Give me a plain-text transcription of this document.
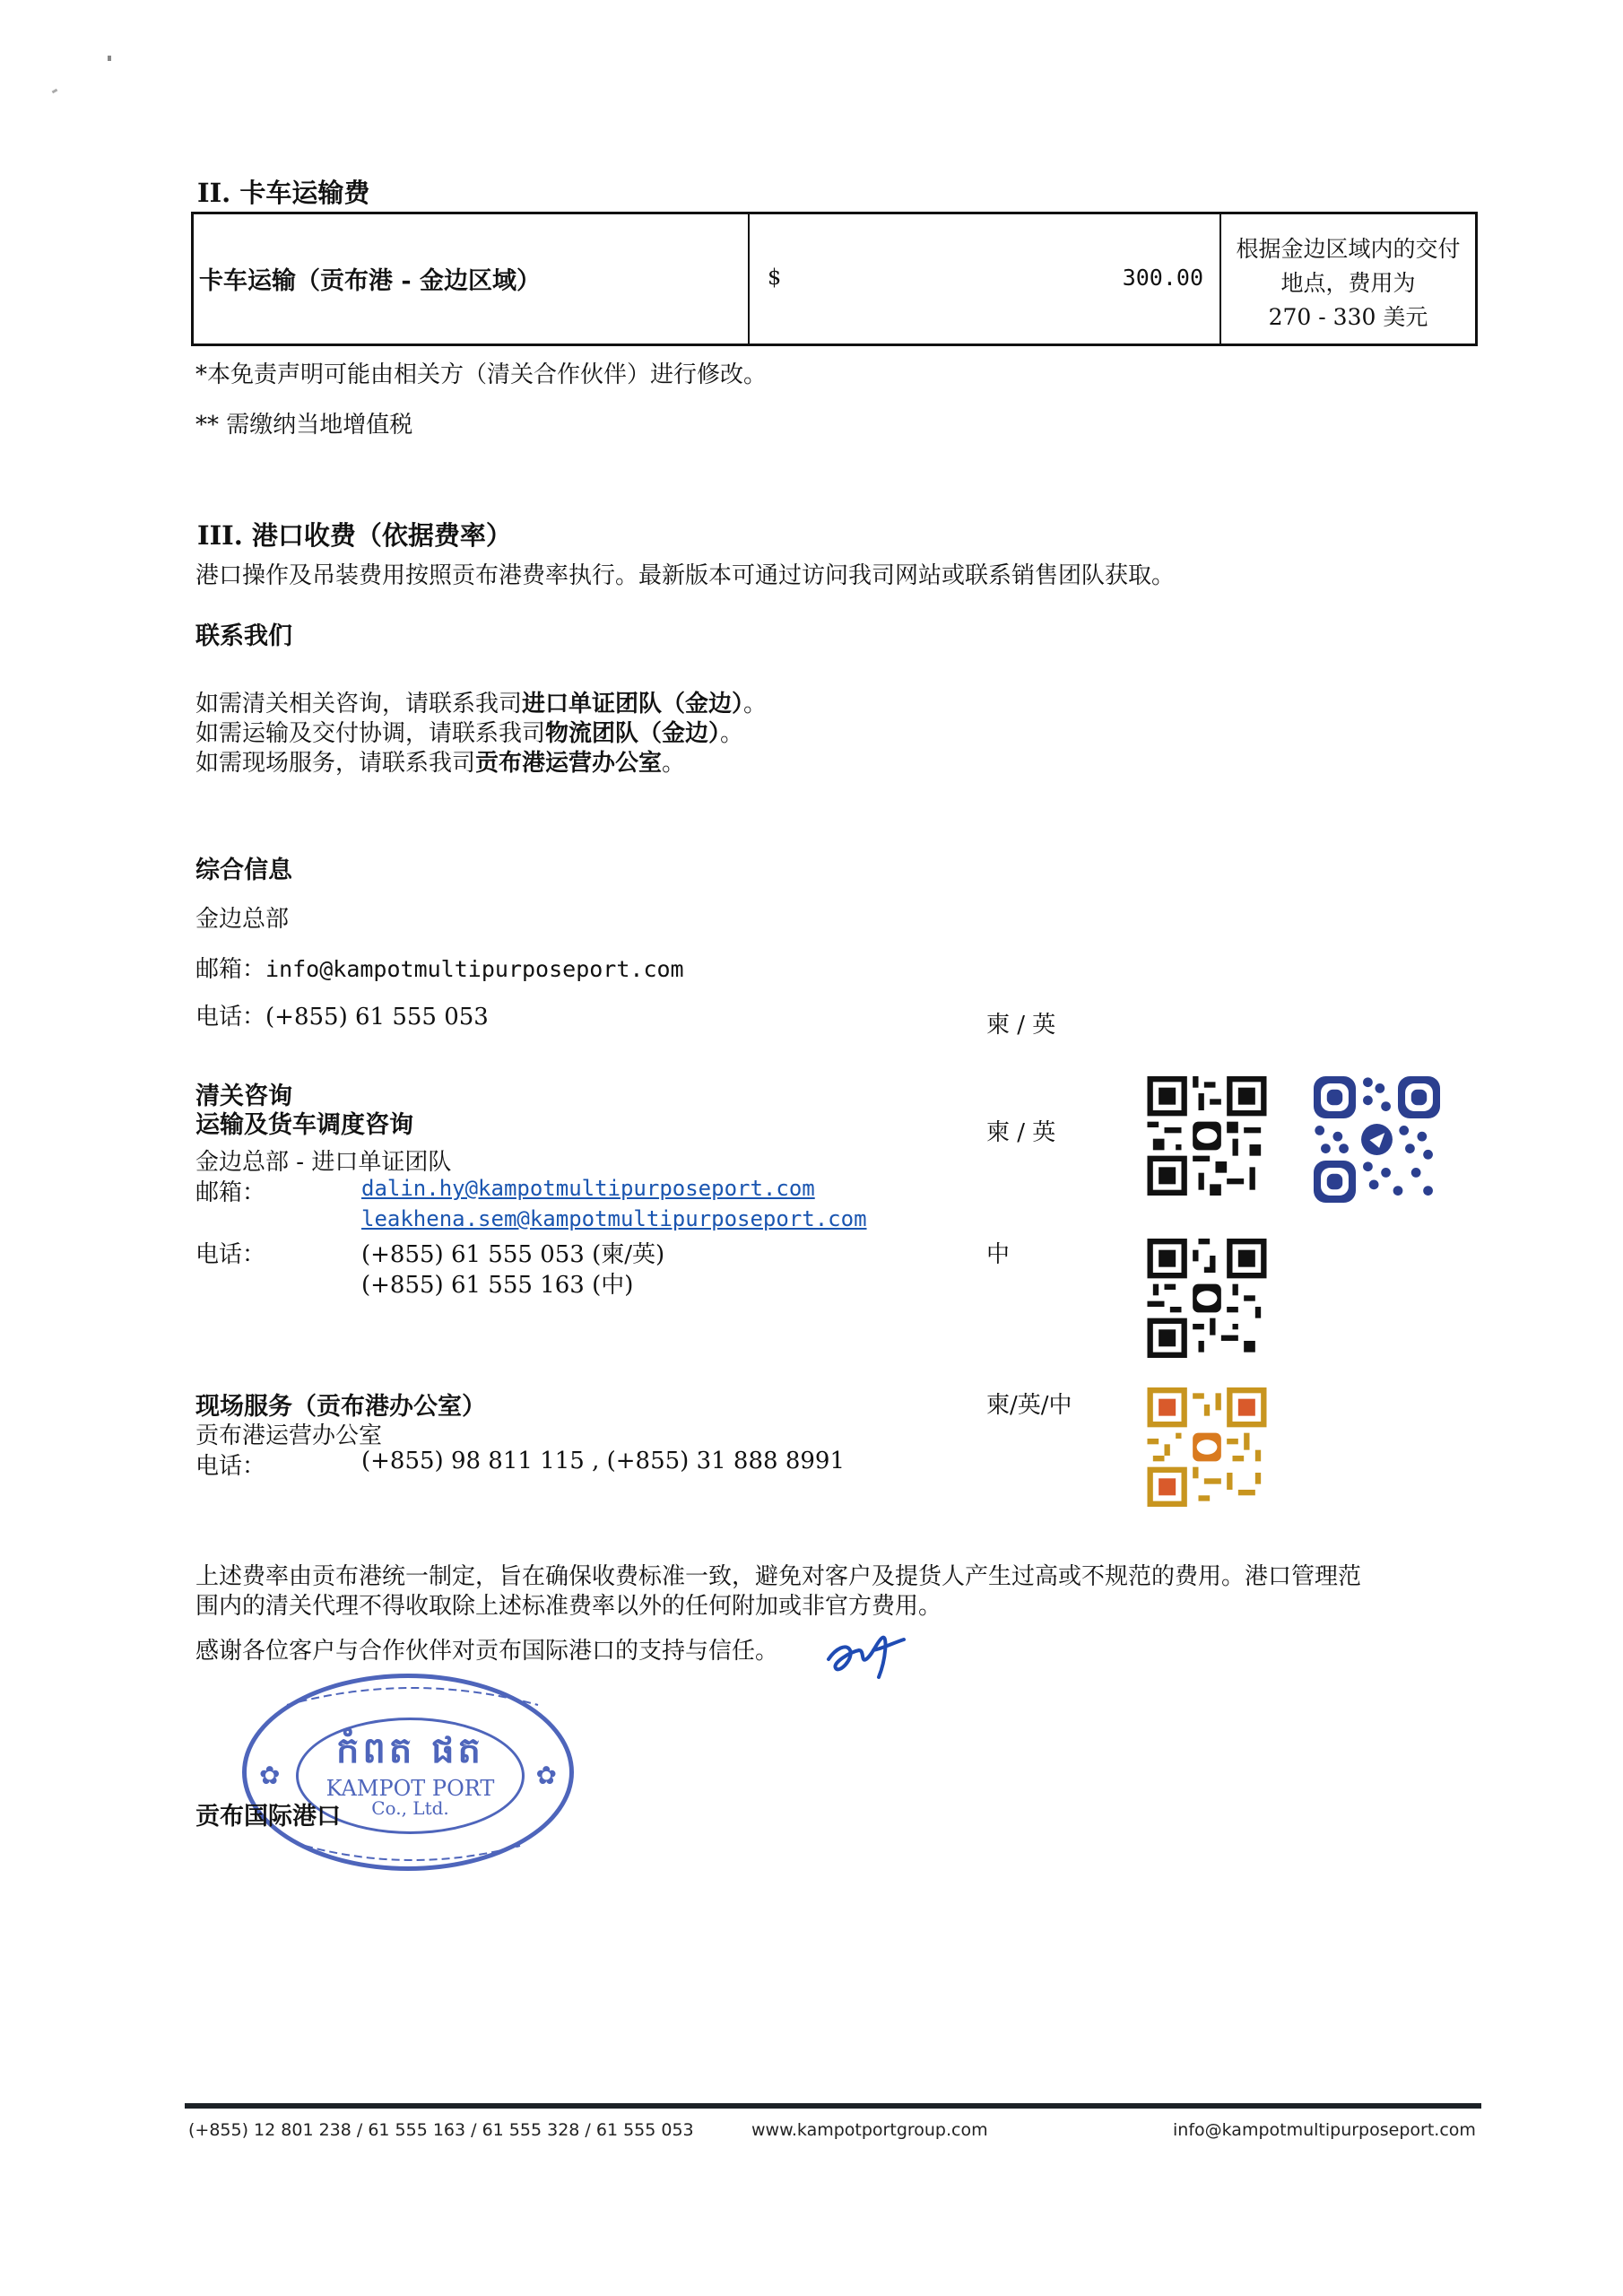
II. 卡车运输费
卡车运输（贡布港 - 金边区域）	$	300.00
根据金边区域内的交付
地点，费用为
270 - 330 美元
*本免责声明可能由相关方（清关合作伙伴）进行修改。
** 需缴纳当地增值税
III. 港口收费（依据费率）
港口操作及吊装费用按照贡布港费率执行。最新版本可通过访问我司网站或联系销售团队获取。
联系我们
如需清关相关咨询，请联系我司进口单证团队（金边）。
如需运输及交付协调，请联系我司物流团队（金边）。
如需现场服务，请联系我司贡布港运营办公室。
综合信息
金边总部
邮箱：info@kampotmultipurposeport.com
电话：(+855) 61 555 053	柬 / 英
清关咨询
运输及货车调度咨询
金边总部 - 进口单证团队
邮箱：	dalin.hy@kampotmultipurposeport.com
leakhena.sem@kampotmultipurposeport.com
电话：	(+855) 61 555 053 (柬/英)
(+855) 61 555 163 (中)
柬 / 英
中
现场服务（贡布港办公室）
贡布港运营办公室
电话：	(+855) 98 811 115 , (+855) 31 888 8991
柬/英/中
上述费率由贡布港统一制定，旨在确保收费标准一致，避免对客户及提货人产生过高或不规范的费用。港口管理范
围内的清关代理不得收取除上述标准费率以外的任何附加或非官方费用。
感谢各位客户与合作伙伴对贡布国际港口的支持与信任。
✿	✿
កំពត ផត
KAMPOT PORT
Co., Ltd.
贡布国际港口
(+855) 12 801 238 / 61 555 163 / 61 555 328 / 61 555 053	www.kampotportgroup.com	info@kampotmultipurposeport.com
